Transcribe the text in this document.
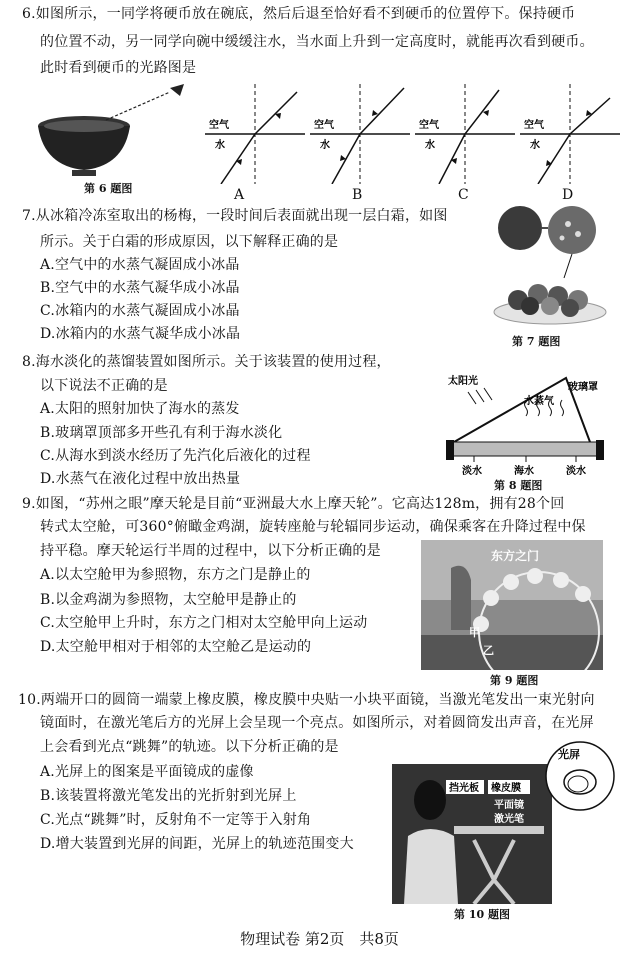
6.如图所示，一同学将硬币放在碗底，然后后退至恰好看不到硬币的位置停下。保持硬币
的位置不动，另一同学向碗中缓缓注水，当水面上升到一定高度时，就能再次看到硬币。
此时看到硬币的光路图是
第 6 题图
空气
水
A
空气
水
B
空气
水
C
空气
水
D
7.从冰箱冷冻室取出的杨梅，一段时间后表面就出现一层白霜，如图
所示。关于白霜的形成原因，以下解释正确的是
A.空气中的水蒸气凝固成小冰晶
B.空气中的水蒸气凝华成小冰晶
C.冰箱内的水蒸气凝固成小冰晶
D.冰箱内的水蒸气凝华成小冰晶	第 7 题图
8.海水淡化的蒸馏装置如图所示。关于该装置的使用过程，
以下说法不正确的是
A.太阳的照射加快了海水的蒸发
B.玻璃罩顶部多开些孔有利于海水淡化
C.从海水到淡水经历了先汽化后液化的过程
D.水蒸气在液化过程中放出热量
太阳光
玻璃罩
水蒸气
淡水	海水	淡水
第 8 题图
9.如图，“苏州之眼”摩天轮是目前“亚洲最大水上摩天轮”。它高达128m，拥有28个回
转式太空舱，可360°俯瞰金鸡湖，旋转座舱与轮辐同步运动，确保乘客在升降过程中保
持平稳。摩天轮运行半周的过程中，以下分析正确的是
A.以太空舱甲为参照物，东方之门是静止的
B.以金鸡湖为参照物，太空舱甲是静止的
C.太空舱甲上升时，东方之门相对太空舱甲向上运动
D.太空舱甲相对于相邻的太空舱乙是运动的
东方之门
甲
乙
第 9 题图
10.两端开口的圆筒一端蒙上橡皮膜，橡皮膜中央贴一小块平面镜，当激光笔发出一束光射向
镜面时，在激光笔后方的光屏上会呈现一个亮点。如图所示，对着圆筒发出声音，在光屏
上会看到光点“跳舞”的轨迹。以下分析正确的是
A.光屏上的图案是平面镜成的虚像
B.该装置将激光笔发出的光折射到光屏上
C.光点“跳舞”时，反射角不一定等于入射角
D.增大装置到光屏的间距，光屏上的轨迹范围变大
光屏
挡光板 橡皮膜
平面镜
激光笔
第 10 题图
物理试卷 第2页　共8页
